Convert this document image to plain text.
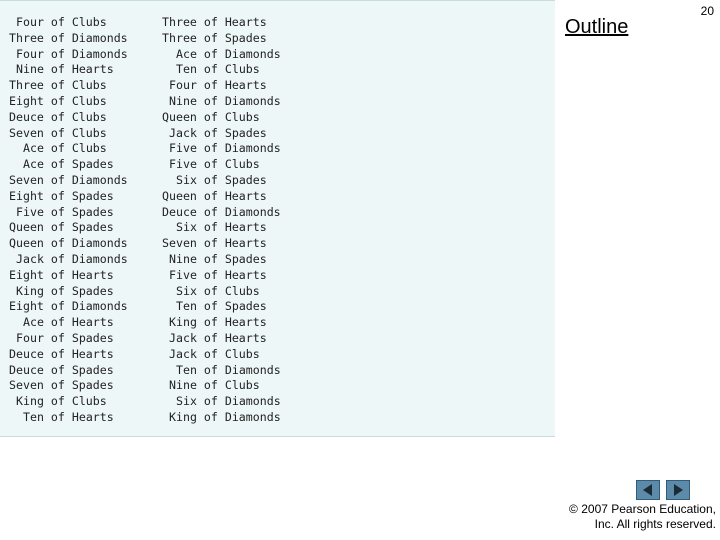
Four of Clubs	Three of Hearts
Three of Diamonds	Three of Spades
Four of Diamonds	Ace of Diamonds
Nine of Hearts	Ten of Clubs
Three of Clubs	Four of Hearts
Eight of Clubs	Nine of Diamonds
Deuce of Clubs	Queen of Clubs
Seven of Clubs	Jack of Spades
Ace of Clubs	Five of Diamonds
Ace of Spades	Five of Clubs
Seven of Diamonds	Six of Spades
Eight of Spades	Queen of Hearts
Five of Spades	Deuce of Diamonds
Queen of Spades	Six of Hearts
Queen of Diamonds	Seven of Hearts
Jack of Diamonds	Nine of Spades
Eight of Hearts	Five of Hearts
King of Spades	Six of Clubs
Eight of Diamonds	Ten of Spades
Ace of Hearts	King of Hearts
Four of Spades	Jack of Hearts
Deuce of Hearts	Jack of Clubs
Deuce of Spades	Ten of Diamonds
Seven of Spades	Nine of Clubs
King of Clubs	Six of Diamonds
Ten of Hearts	King of Diamonds
20
Outline
© 2007 Pearson Education,
Inc. All rights reserved.
